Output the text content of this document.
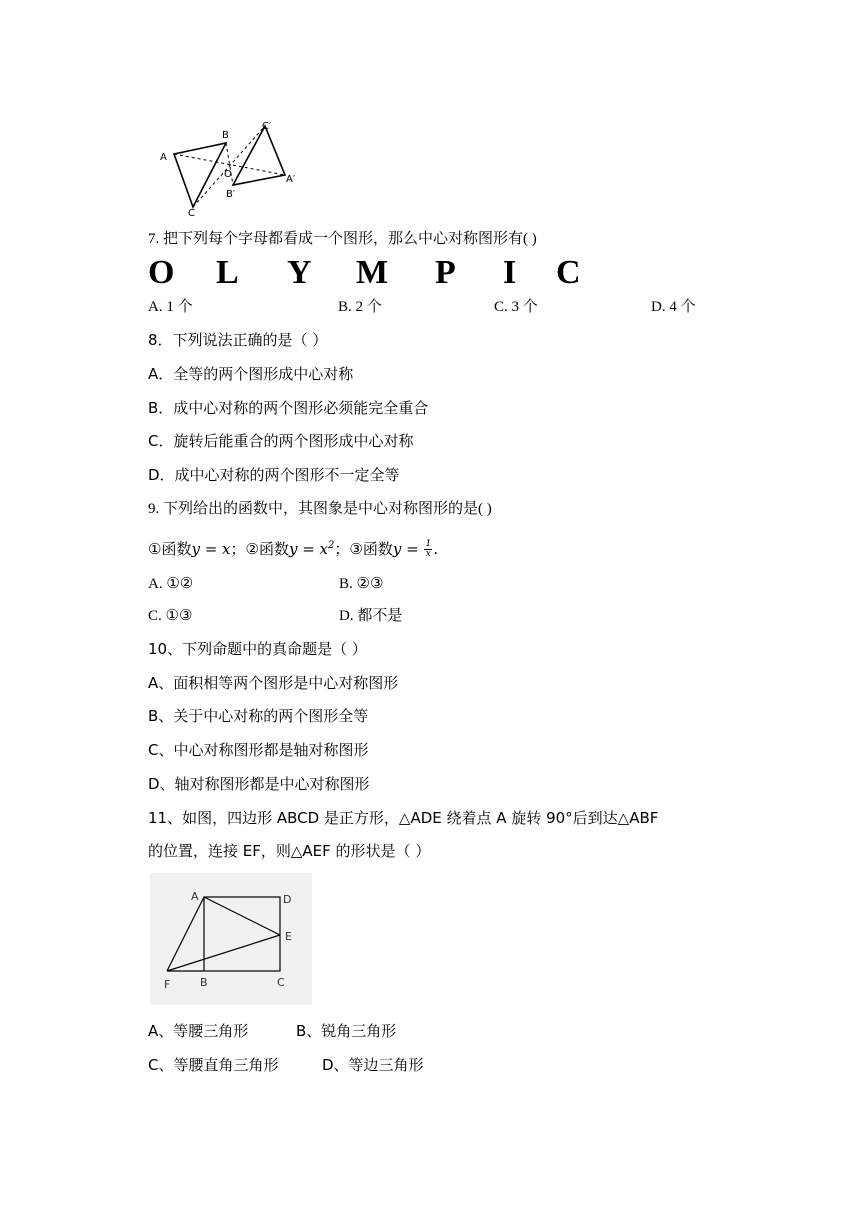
A
B
C
O	A′
B′
C′
7. 把下列每个字母都看成一个图形，那么中心对称图形有( )
O L Y M P I C
A. 1 个	B. 2 个	C. 3 个	D. 4 个
8．下列说法正确的是（ ）
A．全等的两个图形成中心对称
B．成中心对称的两个图形必须能完全重合
C．旋转后能重合的两个图形成中心对称
D．成中心对称的两个图形不一定全等
9. 下列给出的函数中，其图象是中心对称图形的是( )
①函数y = x；②函数$y = x^2$；③函数$y = \frac{1}{x}$ .
A. ①②	B. ②③
C. ①③	D. 都不是
10、下列命题中的真命题是（ ）
A、面积相等两个图形是中心对称图形
B、关于中心对称的两个图形全等
C、中心对称图形都是轴对称图形
D、轴对称图形都是中心对称图形
11、如图，四边形 ABCD 是正方形，△ADE 绕着点 A 旋转 90°后到达△ABF
的位置，连接 EF，则△AEF 的形状是（ ）
A	D
E
C
B
F
A、等腰三角形	B、锐角三角形
C、等腰直角三角形	D、等边三角形
